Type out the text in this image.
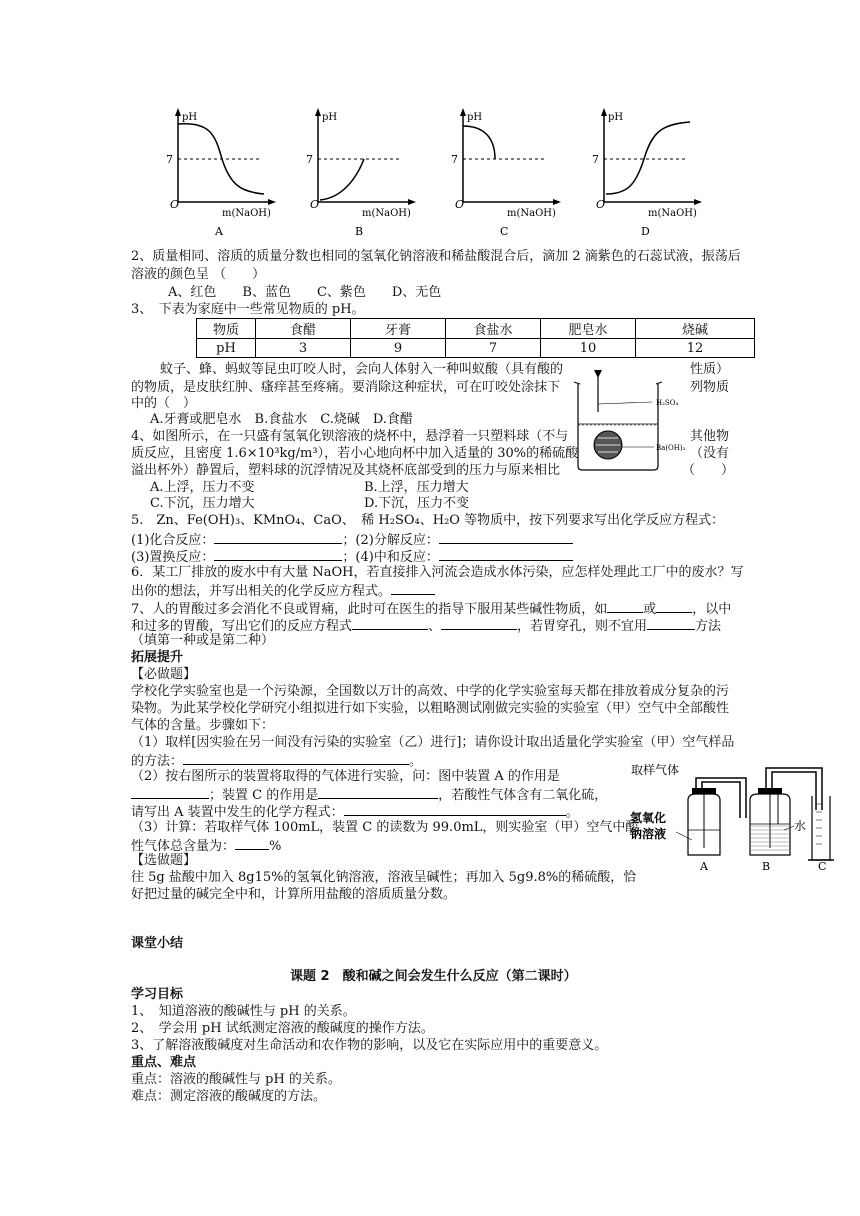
pH
7
O
m(NaOH)
A
pH
7
O
m(NaOH)
B
pH
7
O
m(NaOH)
C
pH
7
O
m(NaOH)
D
2、质量相同、溶质的质量分数也相同的氢氧化钠溶液和稀盐酸混合后，滴加 2 滴紫色的石蕊试液，振荡后
溶液的颜色呈 （　　）
A、红色　　B、蓝色　　C、紫色　　D、无色
3、　下表为家庭中一些常见物质的 pH。
物质	食醋	牙膏	食盐水	肥皂水	烧碱
pH	3	9	7	10	12
蚊子、蜂、蚂蚁等昆虫叮咬人时，会向人体射入一种叫蚁酸（具有酸的	性质）
的物质，是皮肤红肿、瘙痒甚至疼痛。要消除这种症状，可在叮咬处涂抹下	列物质
中的（　）
A.牙膏或肥皂水　B.食盐水　C.烧碱　D.食醋
H₂SO₄
Ba(OH)₂
4、如图所示，在一只盛有氢氧化钡溶液的烧杯中，悬浮着一只塑料球（不与	其他物
质反应，且密度 1.6×10³kg/m³），若小心地向杯中加入适量的 30%的稀硫酸	（没有
溢出杯外）静置后，塑料球的沉浮情况及其烧杯底部受到的压力与原来相比	（　　）
A.上浮，压力不变	B.上浮，压力增大
C.下沉，压力增大	D.下沉，压力不变
5.　Zn、Fe(OH)₃、KMnO₄、CaO、　稀 H₂SO₄、H₂O 等物质中，按下列要求写出化学反应方程式：
(1)化合反应：	；(2)分解反应：
(3)置换反应：	；(4)中和反应：
6．某工厂排放的废水中有大量 NaOH，若直接排入河流会造成水体污染，应怎样处理此工厂中的废水？写
出你的想法，并写出相关的化学反应方程式。
7、人的胃酸过多会消化不良或胃痛，此时可在医生的指导下服用某些碱性物质，如	或	，以中
和过多的胃酸，写出它们的反应方程式	、	，若胃穿孔，则不宜用	方法
（填第一种或是第二种）
拓展提升
【必做题】
学校化学实验室也是一个污染源，全国数以万计的高效、中学的化学实验室每天都在排放着成分复杂的污
染物。为此某学校化学研究小组拟进行如下实验，以粗略测试刚做完实验的实验室（甲）空气中全部酸性
气体的含量。步骤如下：
（1）取样[因实验在另一间没有污染的实验室（乙）进行]；请你设计取出适量化学实验室（甲）空气样品
的方法：	。
（2）按右图所示的装置将取得的气体进行实验，问：图中装置 A 的作用是
；装置 C 的作用是	，若酸性气体含有二氧化硫，
请写出 A 装置中发生的化学方程式：	。
（3）计算：若取样气体 100mL，装置 C 的读数为 99.0mL，则实验室（甲）空气中酸
性气体总含量为：	%
【选做题】
往 5g 盐酸中加入 8g15%的氢氧化钠溶液，溶液呈碱性；再加入 5g9.8%的稀硫酸，恰
好把过量的碱完全中和，计算所用盐酸的溶质质量分数。
取样气体
氢氧化
钠溶液
水
A	B	C
课堂小结
课题 2　酸和碱之间会发生什么反应（第二课时）
学习目标
1、　知道溶液的酸碱性与 pH 的关系。
2、　学会用 pH 试纸测定溶液的酸碱度的操作方法。
3、了解溶液酸碱度对生命活动和农作物的影响，以及它在实际应用中的重要意义。
重点、难点
重点：溶液的酸碱性与 pH 的关系。
难点：测定溶液的酸碱度的方法。
